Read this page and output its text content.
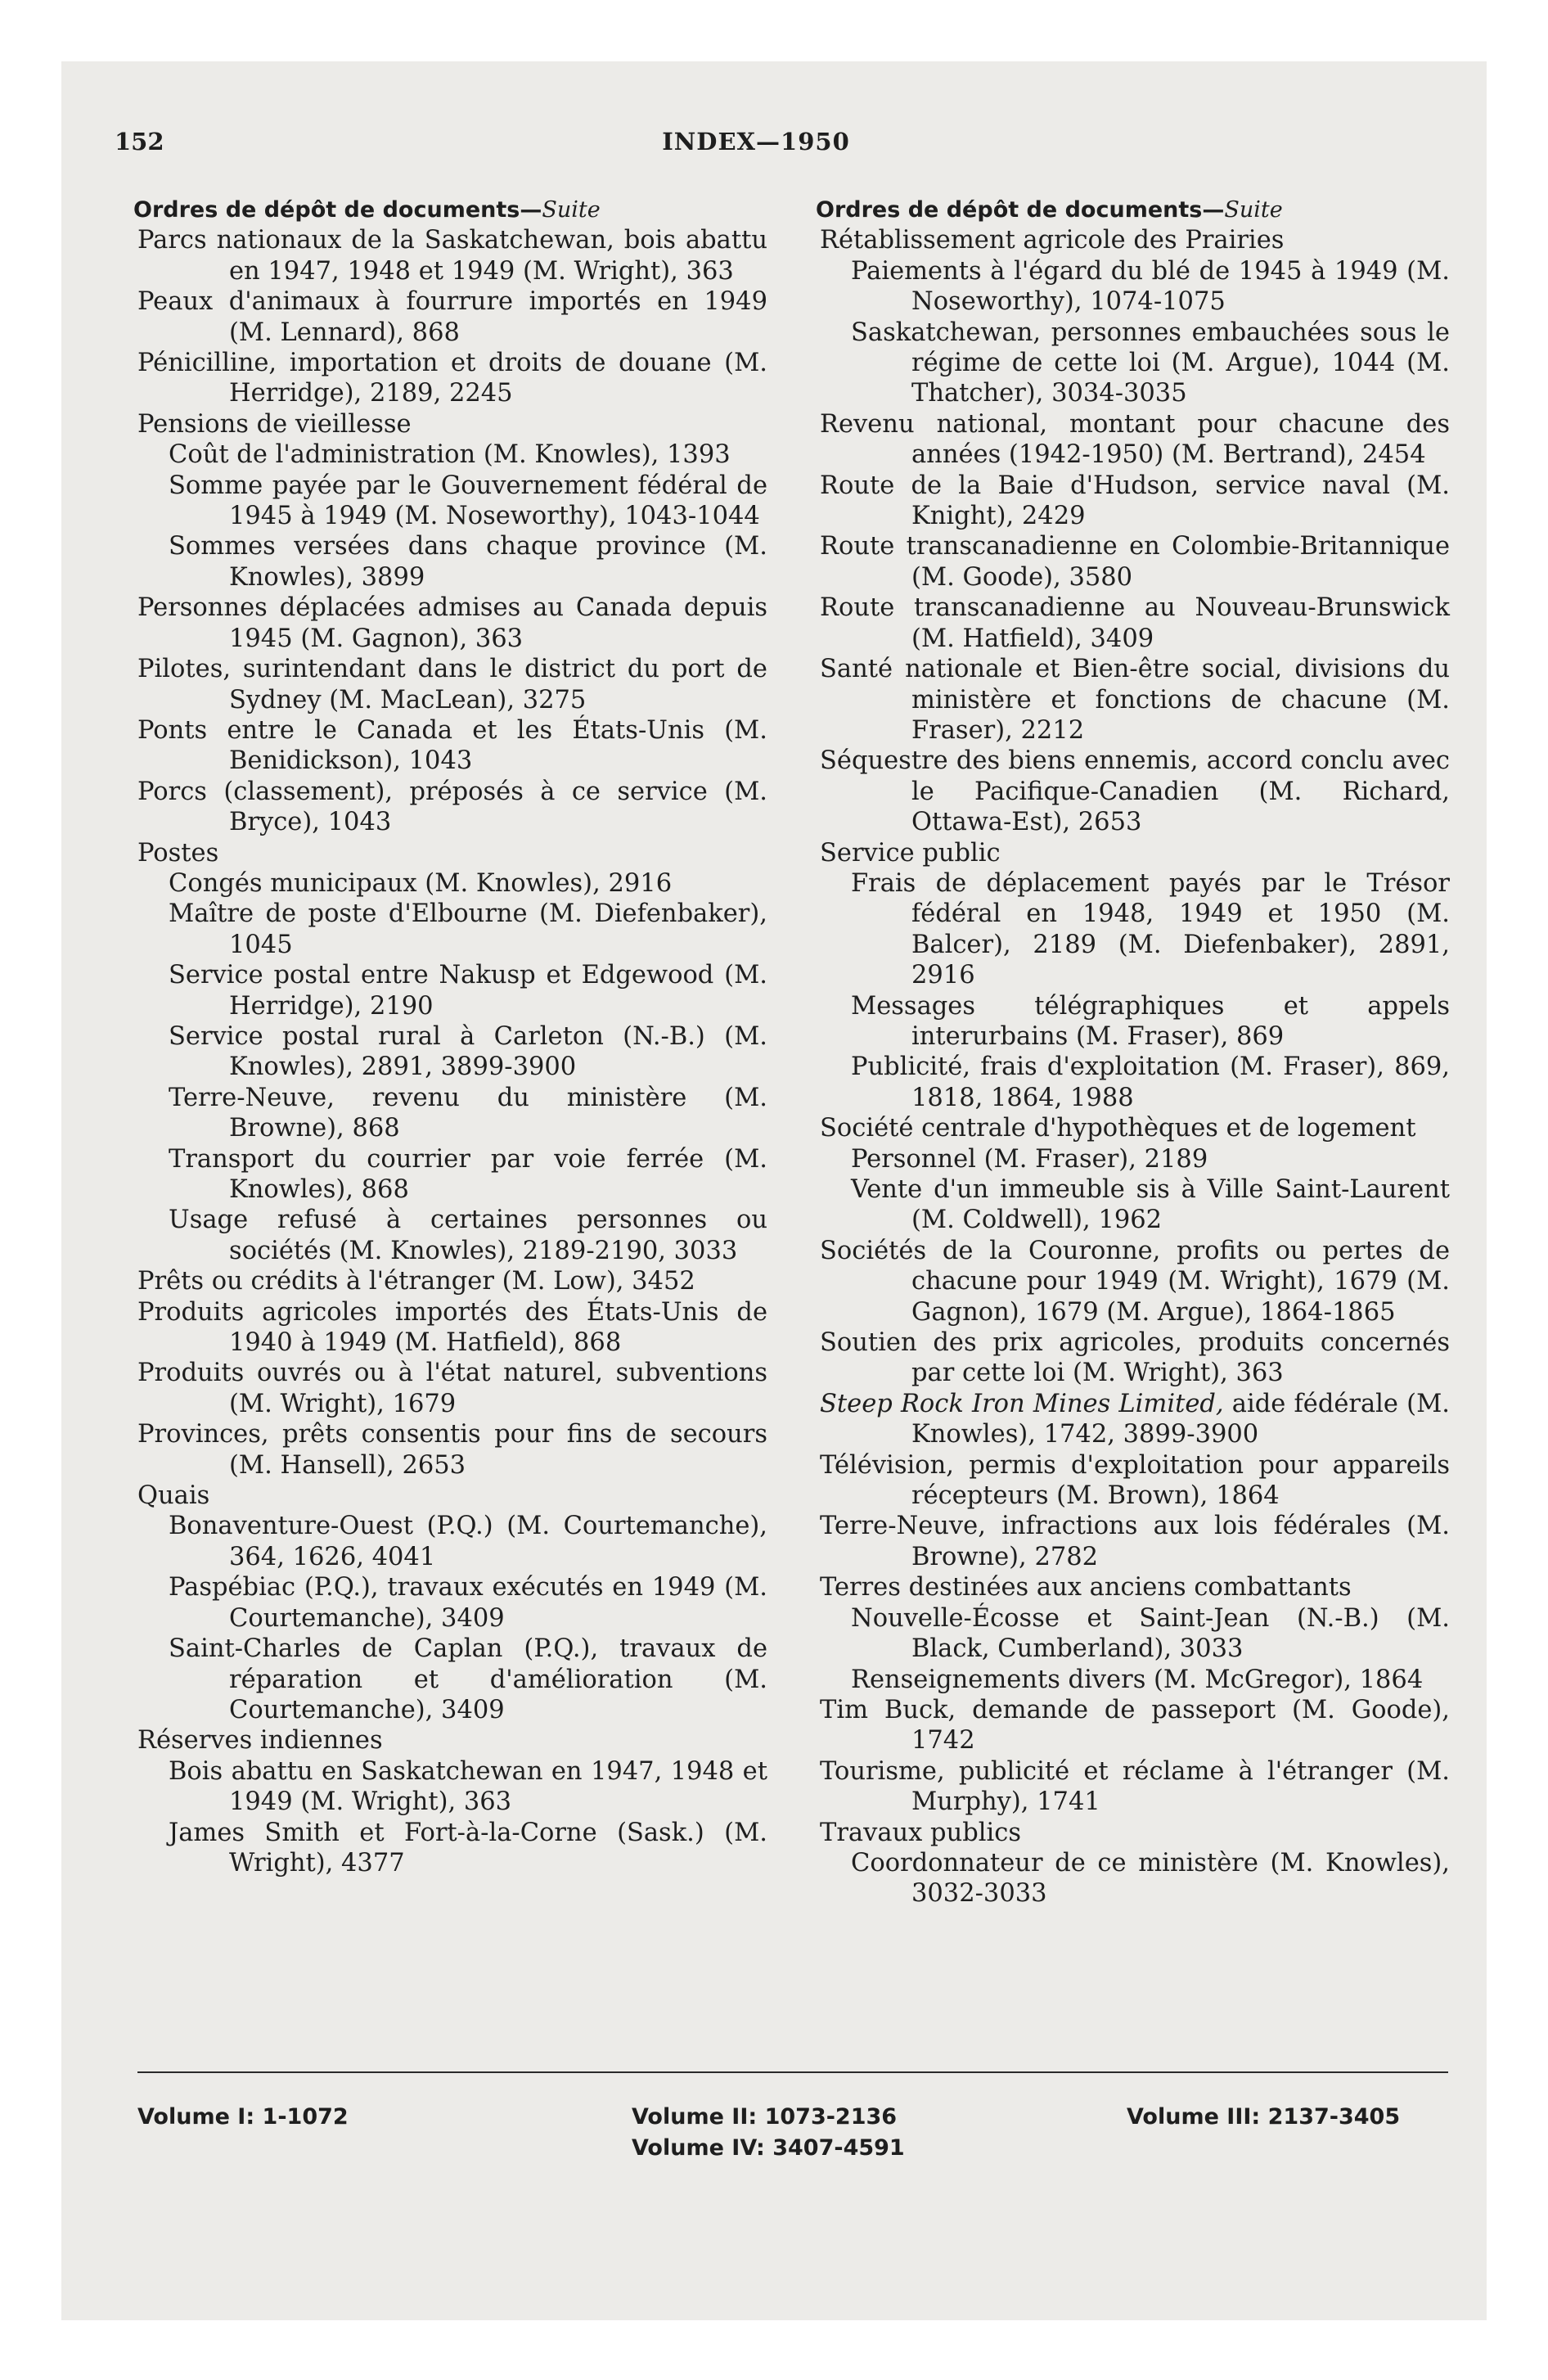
152	INDEX—1950
Ordres de dépôt de documents—Suite
Parcs nationaux de la Saskatchewan, bois abattu en 1947, 1948 et 1949 (M. Wright), 363
Peaux d'animaux à fourrure importés en 1949 (M. Lennard), 868
Pénicilline, importation et droits de douane (M. Herridge), 2189, 2245
Pensions de vieillesse
Coût de l'administration (M. Knowles), 1393
Somme payée par le Gouvernement fédéral de 1945 à 1949 (M. Noseworthy), 1043-1044
Sommes versées dans chaque province (M. Knowles), 3899
Personnes déplacées admises au Canada depuis 1945 (M. Gagnon), 363
Pilotes, surintendant dans le district du port de Sydney (M. MacLean), 3275
Ponts entre le Canada et les États-Unis (M. Benidickson), 1043
Porcs (classement), préposés à ce service (M. Bryce), 1043
Postes
Congés municipaux (M. Knowles), 2916
Maître de poste d'Elbourne (M. Diefenbaker), 1045
Service postal entre Nakusp et Edgewood (M. Herridge), 2190
Service postal rural à Carleton (N.-B.) (M. Knowles), 2891, 3899-3900
Terre-Neuve, revenu du ministère (M. Browne), 868
Transport du courrier par voie ferrée (M. Knowles), 868
Usage refusé à certaines personnes ou sociétés (M. Knowles), 2189-2190, 3033
Prêts ou crédits à l'étranger (M. Low), 3452
Produits agricoles importés des États-Unis de 1940 à 1949 (M. Hatfield), 868
Produits ouvrés ou à l'état naturel, subventions (M. Wright), 1679
Provinces, prêts consentis pour fins de secours (M. Hansell), 2653
Quais
Bonaventure-Ouest (P.Q.) (M. Courtemanche), 364, 1626, 4041
Paspébiac (P.Q.), travaux exécutés en 1949 (M. Courtemanche), 3409
Saint-Charles de Caplan (P.Q.), travaux de réparation et d'amélioration (M. Courtemanche), 3409
Réserves indiennes
Bois abattu en Saskatchewan en 1947, 1948 et 1949 (M. Wright), 363
James Smith et Fort-à-la-Corne (Sask.) (M. Wright), 4377
Ordres de dépôt de documents—Suite
Rétablissement agricole des Prairies
Paiements à l'égard du blé de 1945 à 1949 (M. Noseworthy), 1074-1075
Saskatchewan, personnes embauchées sous le régime de cette loi (M. Argue), 1044 (M. Thatcher), 3034-3035
Revenu national, montant pour chacune des années (1942-1950) (M. Bertrand), 2454
Route de la Baie d'Hudson, service naval (M. Knight), 2429
Route transcanadienne en Colombie-Britannique (M. Goode), 3580
Route transcanadienne au Nouveau-Brunswick (M. Hatfield), 3409
Santé nationale et Bien-être social, divisions du ministère et fonctions de chacune (M. Fraser), 2212
Séquestre des biens ennemis, accord conclu avec le Pacifique-Canadien (M. Richard, Ottawa-Est), 2653
Service public
Frais de déplacement payés par le Trésor fédéral en 1948, 1949 et 1950 (M. Balcer), 2189 (M. Diefenbaker), 2891, 2916
Messages télégraphiques et appels interurbains (M. Fraser), 869
Publicité, frais d'exploitation (M. Fraser), 869, 1818, 1864, 1988
Société centrale d'hypothèques et de logement
Personnel (M. Fraser), 2189
Vente d'un immeuble sis à Ville Saint-Laurent (M. Coldwell), 1962
Sociétés de la Couronne, profits ou pertes de chacune pour 1949 (M. Wright), 1679 (M. Gagnon), 1679 (M. Argue), 1864-1865
Soutien des prix agricoles, produits concernés par cette loi (M. Wright), 363
Steep Rock Iron Mines Limited, aide fédérale (M. Knowles), 1742, 3899-3900
Télévision, permis d'exploitation pour appareils récepteurs (M. Brown), 1864
Terre-Neuve, infractions aux lois fédérales (M. Browne), 2782
Terres destinées aux anciens combattants
Nouvelle-Écosse et Saint-Jean (N.-B.) (M. Black, Cumberland), 3033
Renseignements divers (M. McGregor), 1864
Tim Buck, demande de passeport (M. Goode), 1742
Tourisme, publicité et réclame à l'étranger (M. Murphy), 1741
Travaux publics
Coordonnateur de ce ministère (M. Knowles), 3032-3033
Volume I: 1-1072	Volume II: 1073-2136	Volume III: 2137-3405
Volume IV: 3407-4591
